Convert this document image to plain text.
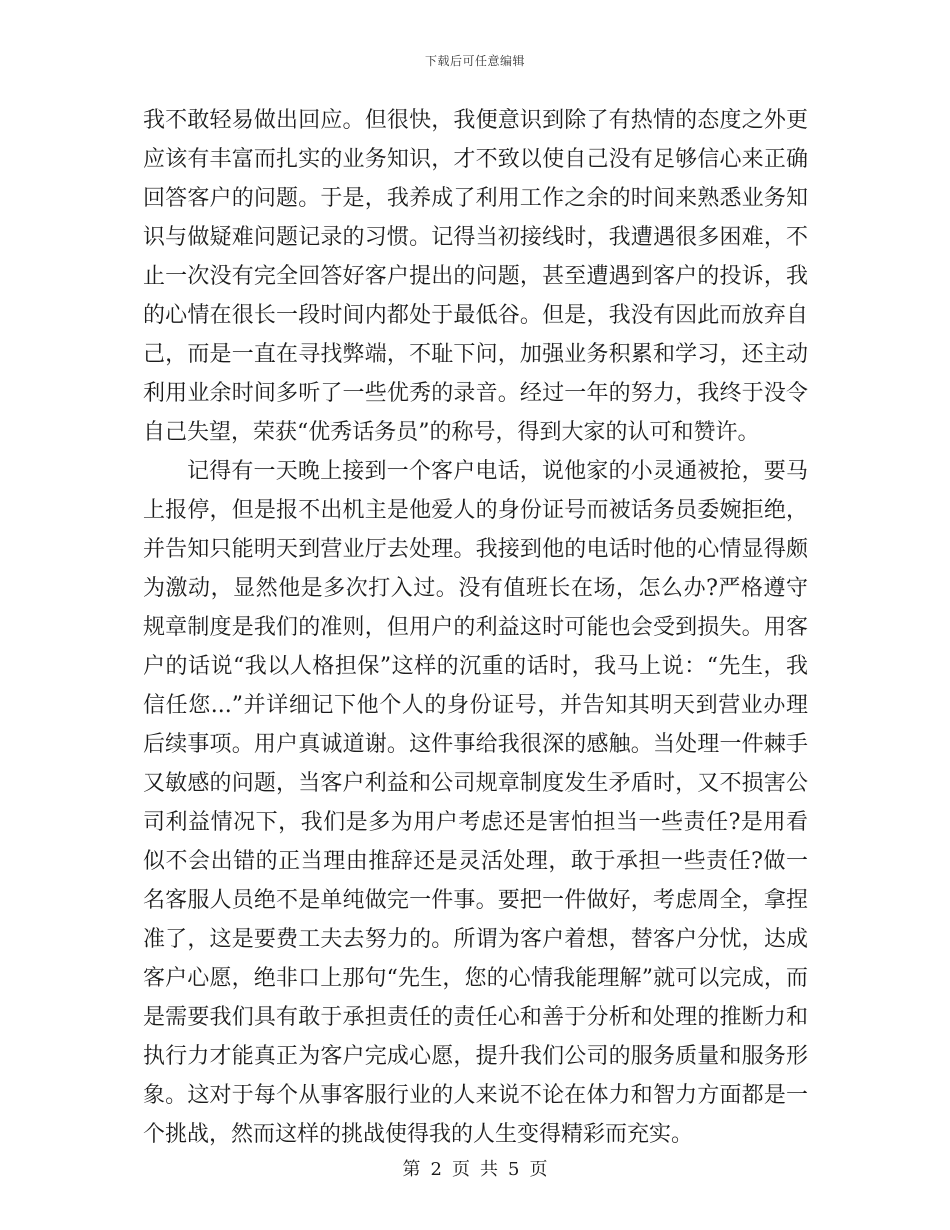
下载后可任意编辑

我不敢轻易做出回应。但很快，我便意识到除了有热情的态度之外更应该有丰富而扎实的业务知识，才不致以使自己没有足够信心来正确回答客户的问题。于是，我养成了利用工作之余的时间来熟悉业务知识与做疑难问题记录的习惯。记得当初接线时，我遭遇很多困难，不止一次没有完全回答好客户提出的问题，甚至遭遇到客户的投诉，我的心情在很长一段时间内都处于最低谷。但是，我没有因此而放弃自己，而是一直在寻找弊端，不耻下问，加强业务积累和学习，还主动利用业余时间多听了一些优秀的录音。经过一年的努力，我终于没令自己失望，荣获“优秀话务员”的称号，得到大家的认可和赞许。

记得有一天晚上接到一个客户电话，说他家的小灵通被抢，要马上报停，但是报不出机主是他爱人的身份证号而被话务员委婉拒绝，并告知只能明天到营业厅去处理。我接到他的电话时他的心情显得颇为激动，显然他是多次打入过。没有值班长在场，怎么办?严格遵守规章制度是我们的准则，但用户的利益这时可能也会受到损失。用客户的话说“我以人格担保”这样的沉重的话时，我马上说：“先生，我信任您...”并详细记下他个人的身份证号，并告知其明天到营业办理后续事项。用户真诚道谢。这件事给我很深的感触。当处理一件棘手又敏感的问题，当客户利益和公司规章制度发生矛盾时，又不损害公司利益情况下，我们是多为用户考虑还是害怕担当一些责任?是用看似不会出错的正当理由推辞还是灵活处理，敢于承担一些责任?做一名客服人员绝不是单纯做完一件事。要把一件做好，考虑周全，拿捏准了，这是要费工夫去努力的。所谓为客户着想，替客户分忧，达成客户心愿，绝非口上那句“先生，您的心情我能理解”就可以完成，而是需要我们具有敢于承担责任的责任心和善于分析和处理的推断力和执行力才能真正为客户完成心愿，提升我们公司的服务质量和服务形象。这对于每个从事客服行业的人来说不论在体力和智力方面都是一个挑战，然而这样的挑战使得我的人生变得精彩而充实。

第 2 页 共 5 页
